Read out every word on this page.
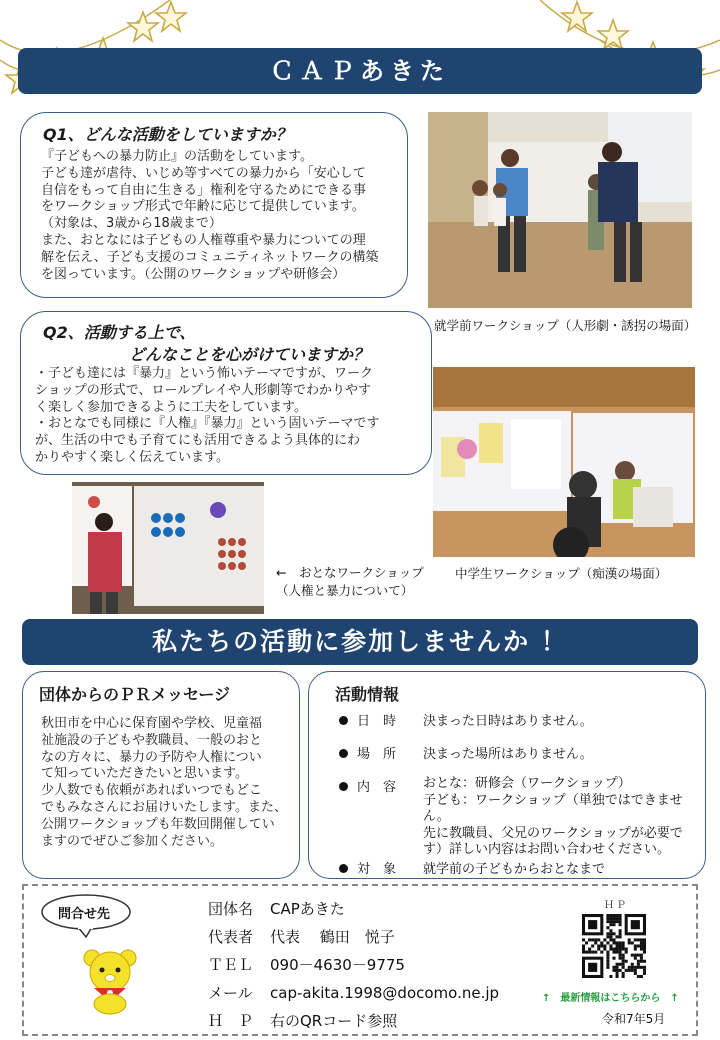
ＣＡＰあきた
Q1、どんな活動をしていますか？
『子どもへの暴力防止』の活動をしています。
子ども達が虐待、いじめ等すべての暴力から「安心して
自信をもって自由に生きる」権利を守るためにできる事
をワークショップ形式で年齢に応じて提供しています。
（対象は、3歳から18歳まで）
また、おとなには子どもの人権尊重や暴力についての理
解を伝え、子ども支援のコミュニティネットワークの構築
を図っています。（公開のワークショップや研修会）
Q2、活動する上で、
どんなことを心がけていますか？
・子ども達には『暴力』という怖いテーマですが、ワーク
ショップの形式で、ロールプレイや人形劇等でわかりやす
く楽しく参加できるように工夫をしています。
・おとなでも同様に『人権』『暴力』という固いテーマです
が、生活の中でも子育てにも活用できるよう具体的にわ
かりやすく楽しく伝えています。
就学前ワークショップ（人形劇・誘拐の場面）
中学生ワークショップ（痴漢の場面）
←　おとなワークショップ
（人権と暴力について）
私たちの活動に参加しませんか ！
団体からのＰＲメッセージ
秋田市を中心に保育園や学校、児童福
祉施設の子どもや教職員、一般のおと
なの方々に、暴力の予防や人権につい
て知っていただきたいと思います。
少人数でも依頼があればいつでもどこ
でもみなさんにお届けいたします。また、
公開ワークショップも年数回開催してい
ますのでぜひご参加ください。
活動情報
日　時 決まった日時はありません。
場　所 決まった場所はありません。
内　容 おとな：研修会（ワークショップ）
子ども：ワークショップ（単独ではできません。
先に教職員、父兄のワークショップが必要で
す）詳しい内容はお問い合わせください。
対　象 就学前の子どもからおとなまで
問合せ先	団体名 CAPあきた
代表者 代表　 鶴田　悦子
ＴＥＬ 090－4630－9775
メール cap-akita.1998@docomo.ne.jp
Ｈ　Ｐ 右のQRコード参照
ＨＰ
↑　最新情報はこちらから　↑
令和7年5月
